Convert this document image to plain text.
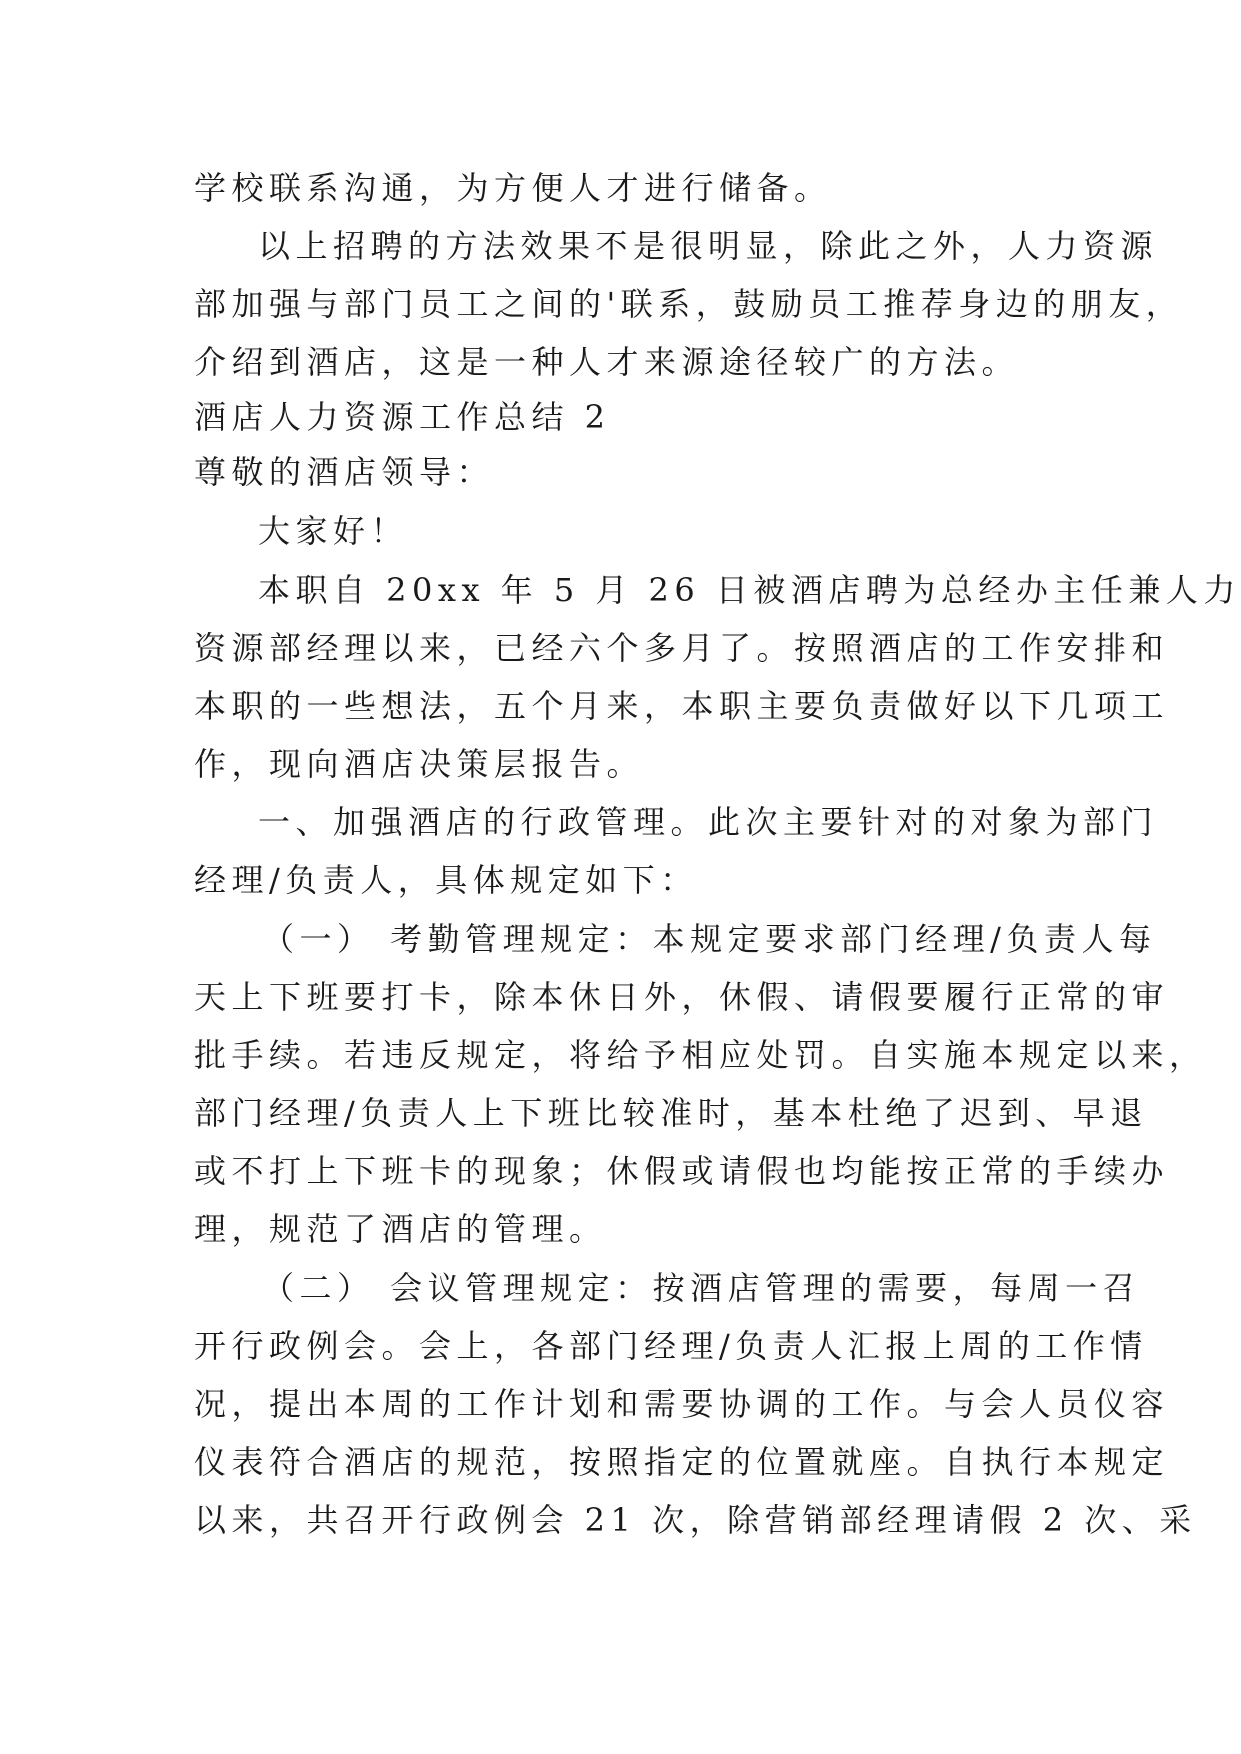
学校联系沟通，为方便人才进行储备。
以上招聘的方法效果不是很明显，除此之外，人力资源
部加强与部门员工之间的'联系，鼓励员工推荐身边的朋友，
介绍到酒店，这是一种人才来源途径较广的方法。
酒店人力资源工作总结 2
尊敬的酒店领导：
大家好！
本职自 20xx 年 5 月 26 日被酒店聘为总经办主任兼人力
资源部经理以来，已经六个多月了。按照酒店的工作安排和
本职的一些想法，五个月来，本职主要负责做好以下几项工
作，现向酒店决策层报告。
一、加强酒店的行政管理。此次主要针对的对象为部门
经理/负责人，具体规定如下：
（一） 考勤管理规定：本规定要求部门经理/负责人每
天上下班要打卡，除本休日外，休假、请假要履行正常的审
批手续。若违反规定，将给予相应处罚。自实施本规定以来，
部门经理/负责人上下班比较准时，基本杜绝了迟到、早退
或不打上下班卡的现象；休假或请假也均能按正常的手续办
理，规范了酒店的管理。
（二） 会议管理规定：按酒店管理的需要，每周一召
开行政例会。会上，各部门经理/负责人汇报上周的工作情
况，提出本周的工作计划和需要协调的工作。与会人员仪容
仪表符合酒店的规范，按照指定的位置就座。自执行本规定
以来，共召开行政例会 21 次，除营销部经理请假 2 次、采
